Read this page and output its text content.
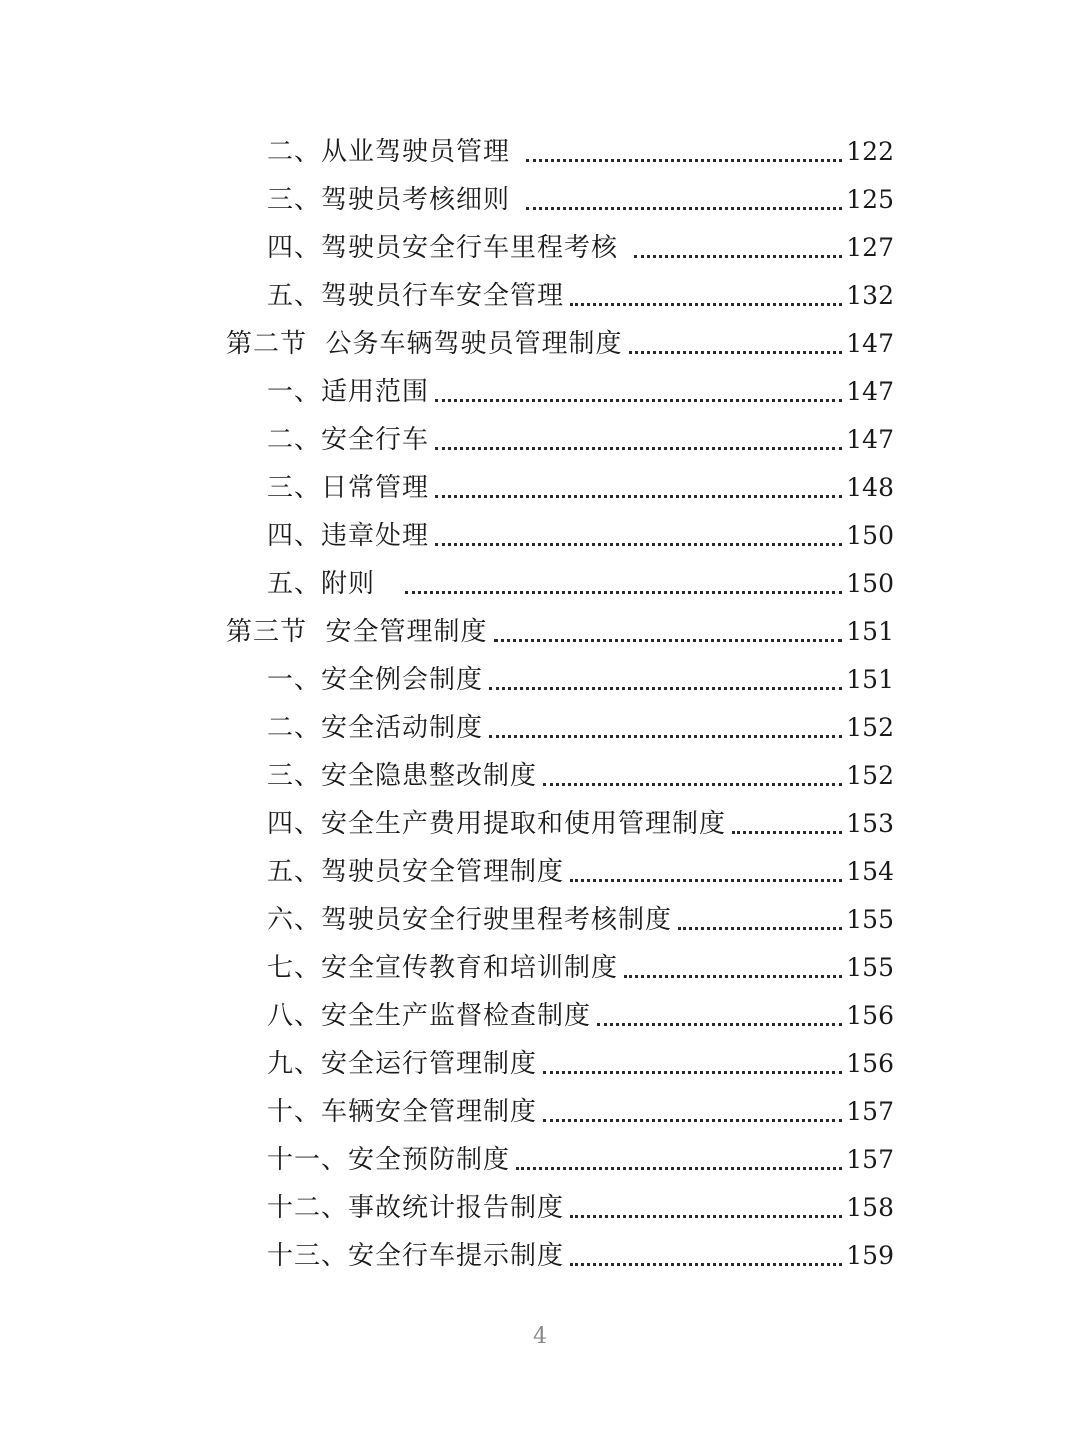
二、从业驾驶员管理	122
三、驾驶员考核细则	125
四、驾驶员安全行车里程考核	127
五、驾驶员行车安全管理	132
第二节  公务车辆驾驶员管理制度	147
一、适用范围	147
二、安全行车	147
三、日常管理	148
四、违章处理	150
五、附则	150
第三节  安全管理制度	151
一、安全例会制度	151
二、安全活动制度	152
三、安全隐患整改制度	152
四、安全生产费用提取和使用管理制度	153
五、驾驶员安全管理制度	154
六、驾驶员安全行驶里程考核制度	155
七、安全宣传教育和培训制度	155
八、安全生产监督检查制度	156
九、安全运行管理制度	156
十、车辆安全管理制度	157
十一、安全预防制度	157
十二、事故统计报告制度	158
十三、安全行车提示制度	159
4
